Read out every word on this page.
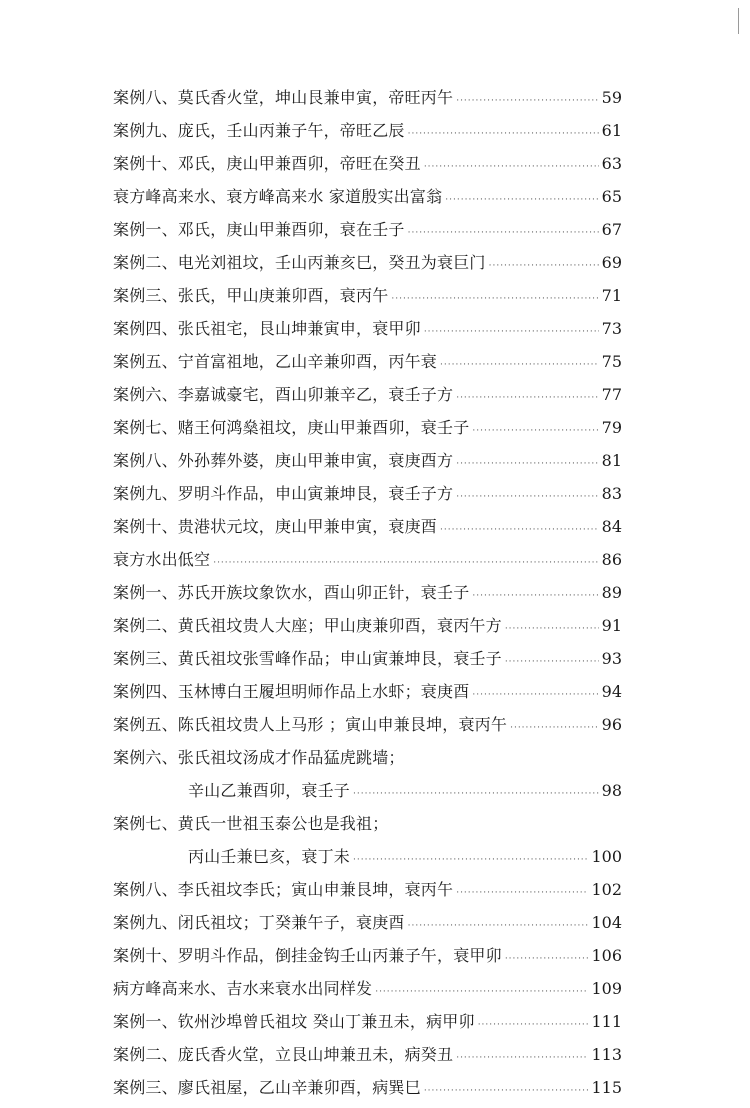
案例八、莫氏香火堂，坤山艮兼申寅，帝旺丙午 ·····	59
案例九、庞氏，壬山丙兼子午，帝旺乙辰 ·····	61
案例十、邓氏，庚山甲兼酉卯，帝旺在癸丑 ·····	63
衰方峰高来水、衰方峰高来水 家道殷实出富翁 ·····	65
案例一、邓氏，庚山甲兼酉卯，衰在壬子 ·····	67
案例二、电光刘祖坟，壬山丙兼亥巳，癸丑为衰巨门 ·····	69
案例三、张氏，甲山庚兼卯酉，衰丙午 ·····	71
案例四、张氏祖宅，艮山坤兼寅申，衰甲卯 ·····	73
案例五、宁首富祖地，乙山辛兼卯酉，丙午衰 ·····	75
案例六、李嘉诚豪宅，酉山卯兼辛乙，衰壬子方 ·····	77
案例七、赌王何鸿燊祖坟，庚山甲兼酉卯，衰壬子 ·····	79
案例八、外孙葬外婆，庚山甲兼申寅，衰庚酉方 ·····	81
案例九、罗明斗作品，申山寅兼坤艮，衰壬子方 ·····	83
案例十、贵港状元坟，庚山甲兼申寅，衰庚酉 ·····	84
衰方水出低空 ·····	86
案例一、苏氏开族坟象饮水，酉山卯正针，衰壬子 ·····	89
案例二、黄氏祖坟贵人大座；甲山庚兼卯酉，衰丙午方 ·····	91
案例三、黄氏祖坟张雪峰作品；申山寅兼坤艮，衰壬子 ·····	93
案例四、玉林博白王履坦明师作品上水虾；衰庚酉 ·····	94
案例五、陈氏祖坟贵人上马形 ；寅山申兼艮坤，衰丙午 ·····	96
案例六、张氏祖坟汤成才作品猛虎跳墙；
辛山乙兼酉卯，衰壬子 ·····	98
案例七、黄氏一世祖玉泰公也是我祖；
丙山壬兼巳亥，衰丁未 ·····	100
案例八、李氏祖坟李氏；寅山申兼艮坤，衰丙午 ·····	102
案例九、闭氏祖坟；丁癸兼午子，衰庚酉 ·····	104
案例十、罗明斗作品，倒挂金钩壬山丙兼子午，衰甲卯 ·····	106
病方峰高来水、吉水来衰水出同样发 ·····	109
案例一、钦州沙埠曾氏祖坟 癸山丁兼丑未，病甲卯 ·····	111
案例二、庞氏香火堂，立艮山坤兼丑未，病癸丑 ·····	113
案例三、廖氏祖屋，乙山辛兼卯酉，病巽巳 ·····	115
